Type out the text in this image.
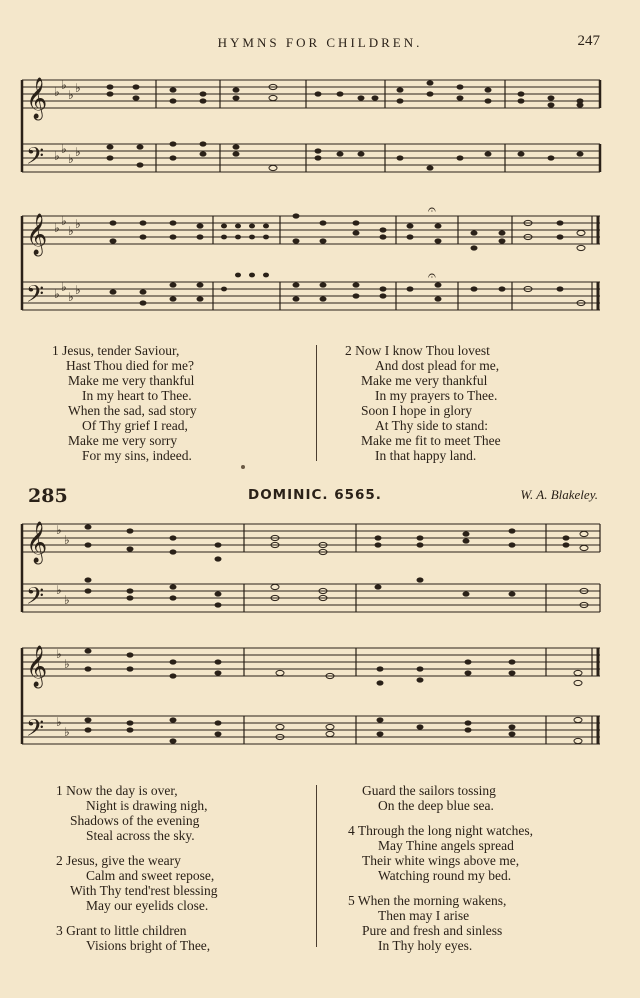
HYMNS FOR CHILDREN.	247
𝄞
𝄢
♭ ♭
♭ ♭
♭ ♭
♭ ♭
𝄞
𝄢
♭ ♭
♭ ♭
♭ ♭
♭ ♭
𝄐
𝄐
1 Jesus, tender Saviour,
Hast Thou died for me?
Make me very thankful
In my heart to Thee.
When the sad, sad story
Of Thy grief I read,
Make me very sorry
For my sins, indeed.
2 Now I know Thou lovest
And dost plead for me,
Make me very thankful
In my prayers to Thee.
Soon I hope in glory
At Thy side to stand:
Make me fit to meet Thee
In that happy land.
285	DOMINIC. 6565.	W. A. Blakeley.
𝄞
𝄢
♭
♭
♭
♭
𝄞
𝄢
♭
♭
♭
♭
1 Now the day is over,
Night is drawing nigh,
Shadows of the evening
Steal across the sky.
2 Jesus, give the weary
Calm and sweet repose,
With Thy tend'rest blessing
May our eyelids close.
3 Grant to little children
Visions bright of Thee,
Guard the sailors tossing
On the deep blue sea.
4 Through the long night watches,
May Thine angels spread
Their white wings above me,
Watching round my bed.
5 When the morning wakens,
Then may I arise
Pure and fresh and sinless
In Thy holy eyes.
